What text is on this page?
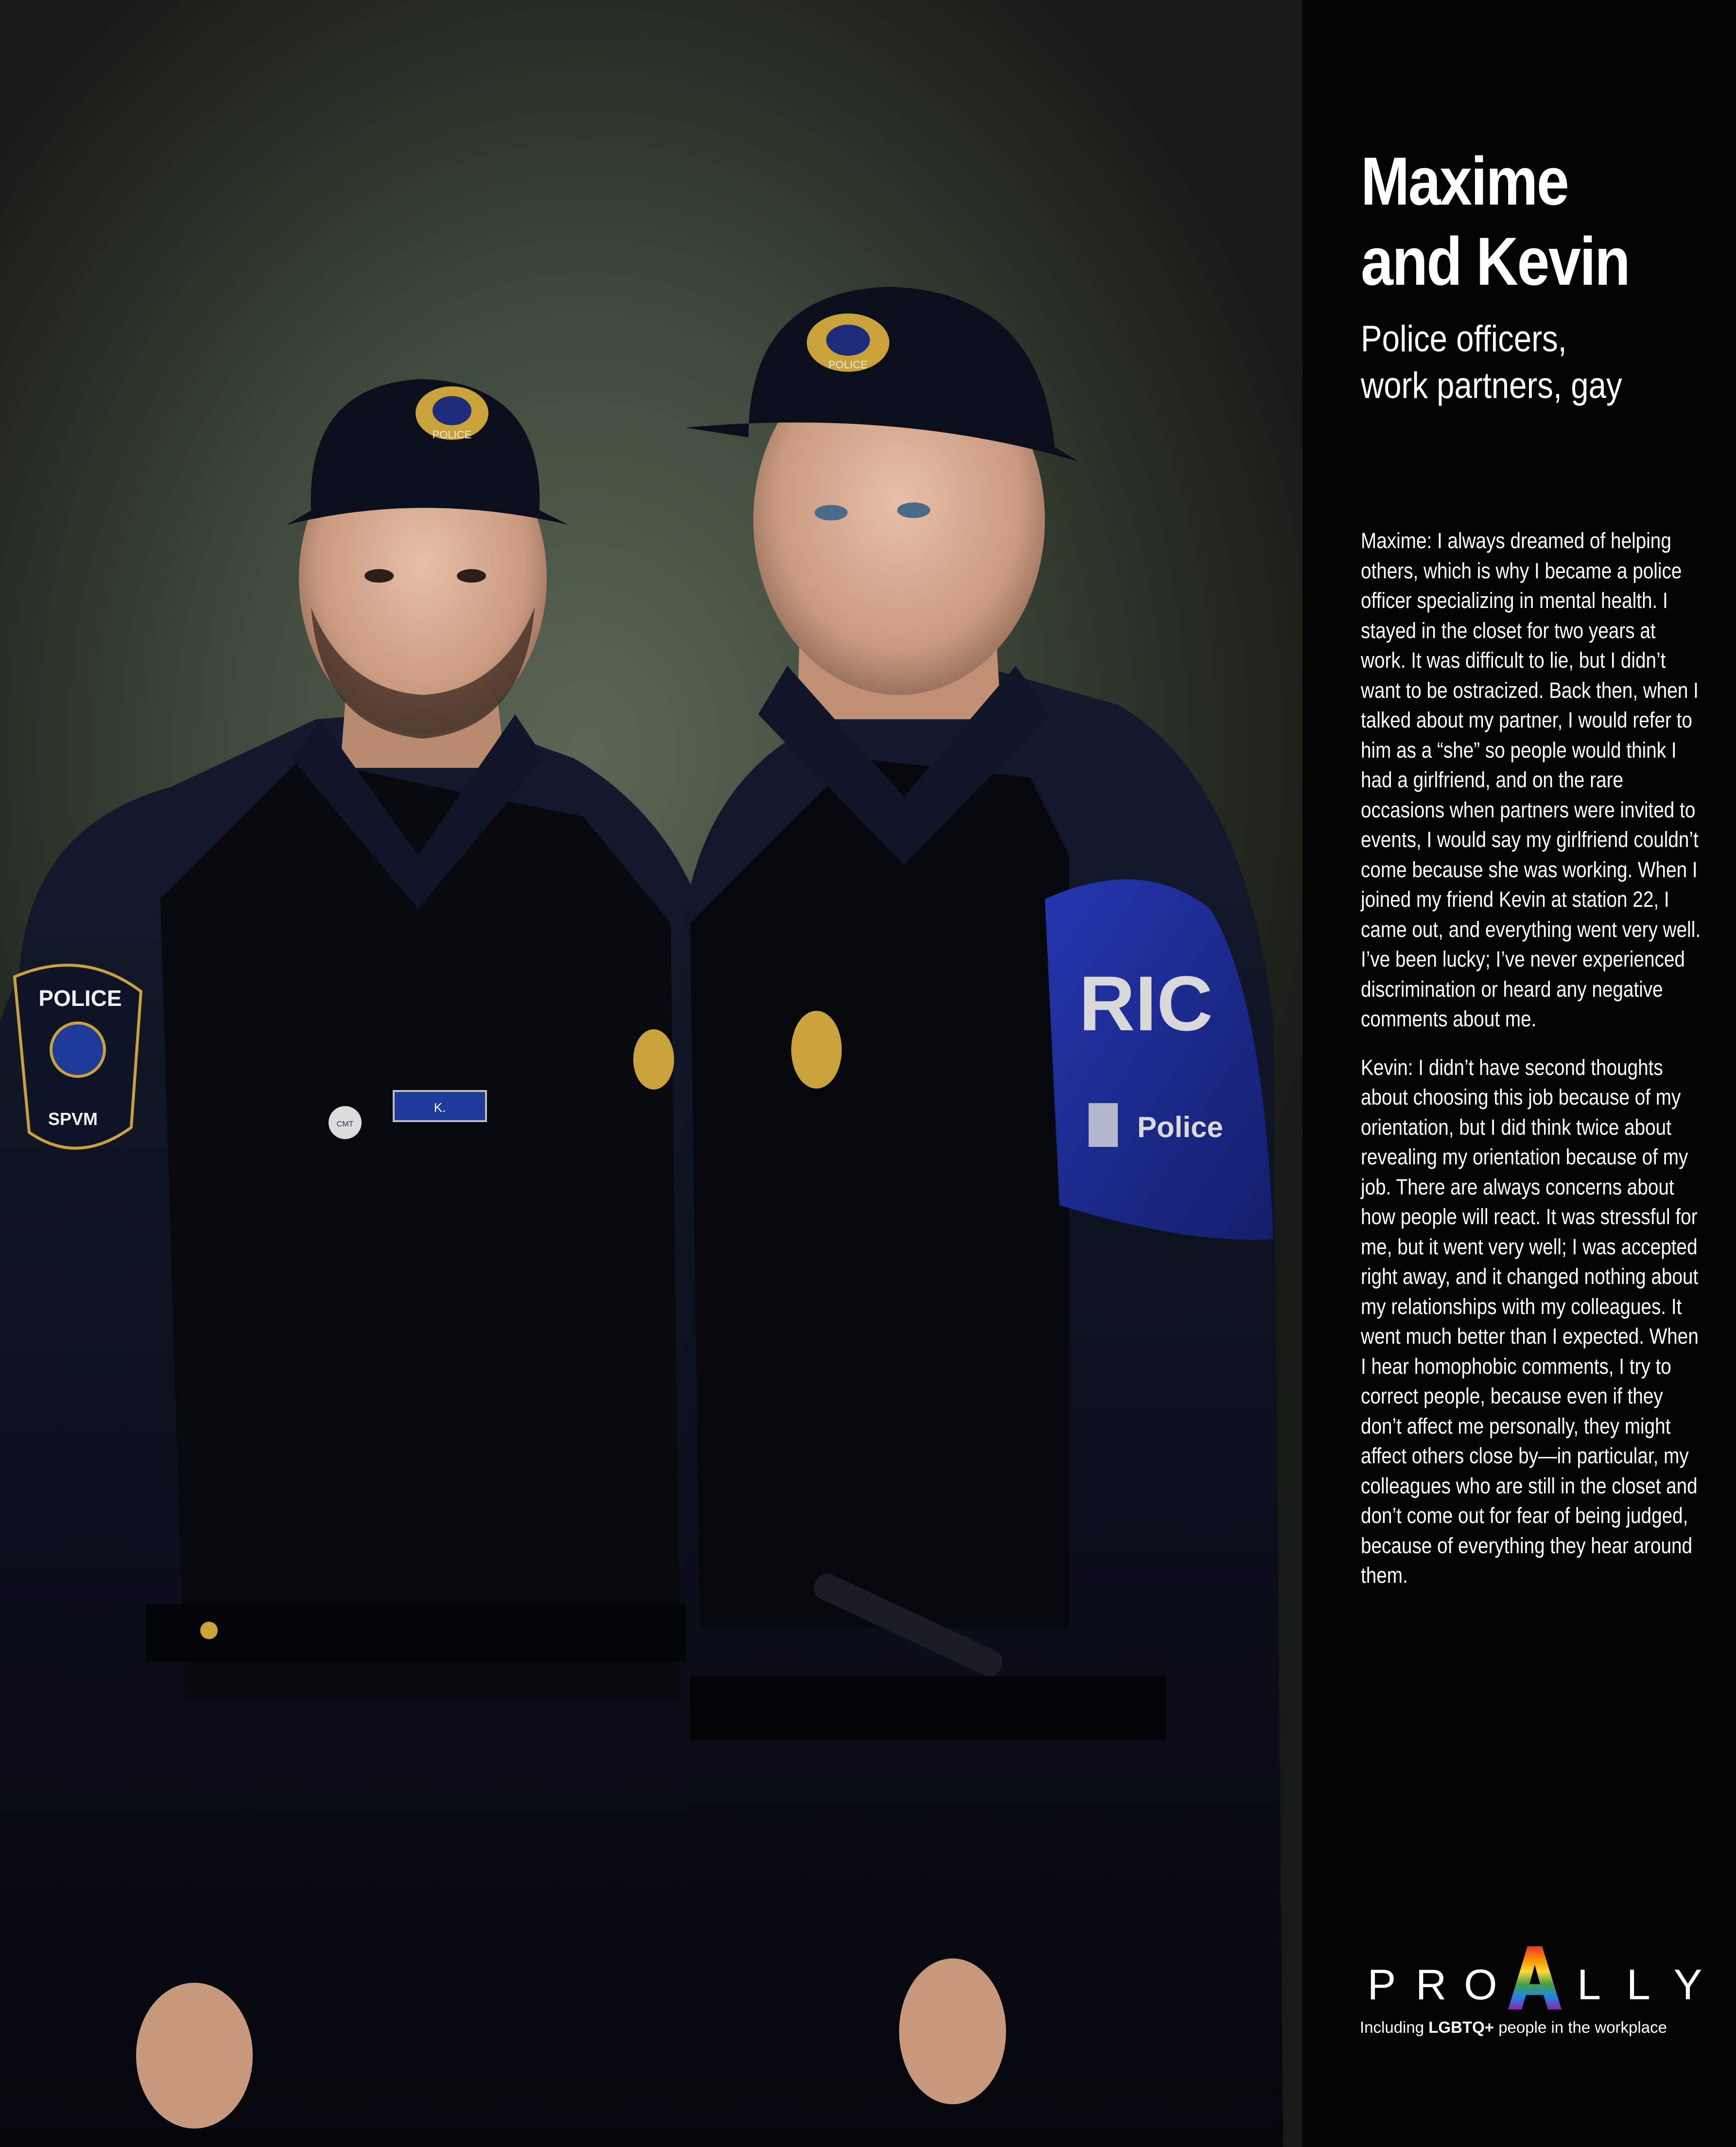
POLICE
POLICE
SPVM
K.
CMT
POLICE
RIC
Police
Maxime
and Kevin
Police officers,
work partners, gay

Maxime: I always dreamed of helping others, which is why I became a police officer specializing in mental health. I stayed in the closet for two years at work. It was difficult to lie, but I didn’t want to be ostracized. Back then, when I talked about my partner, I would refer to him as a “she” so people would think I had a girlfriend, and on the rare occasions when partners were invited to events, I would say my girlfriend couldn’t come because she was working. When I joined my friend Kevin at station 22, I came out, and everything went very well. I’ve been lucky; I’ve never experienced discrimination or heard any negative comments about me.

Kevin: I didn’t have second thoughts about choosing this job because of my orientation, but I did think twice about revealing my orientation because of my job. There are always concerns about how people will react. It was stressful for me, but it went very well; I was accepted right away, and it changed nothing about my relationships with my colleagues. It went much better than I expected. When I hear homophobic comments, I try to correct people, because even if they don’t affect me personally, they might affect others close by—in particular, my colleagues who are still in the closet and don’t come out for fear of being judged, because of everything they hear around them.

P R O L L Y
Including LGBTQ+ people in the workplace
